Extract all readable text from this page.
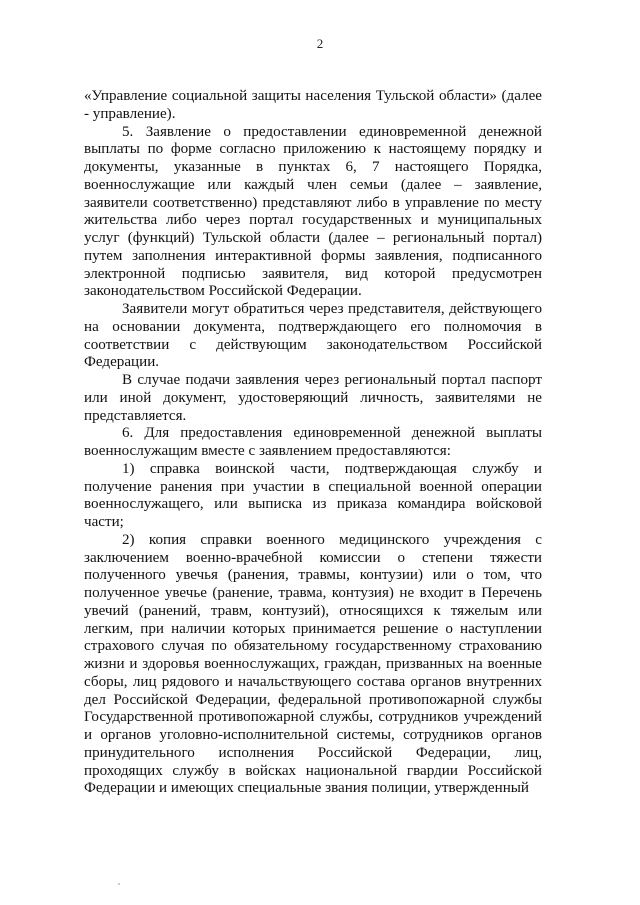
2

«Управление социальной защиты населения Тульской области» (далее - управление).

5. Заявление о предоставлении единовременной денежной выплаты по форме согласно приложению к настоящему порядку и документы, указанные в пунктах 6, 7 настоящего Порядка, военнослужащие или каждый член семьи (далее – заявление, заявители соответственно) представляют либо в управление по месту жительства либо через портал государственных и муниципальных услуг (функций) Тульской области (далее – региональный портал) путем заполнения интерактивной формы заявления, подписанного электронной подписью заявителя, вид которой предусмотрен законодательством Российской Федерации.

Заявители могут обратиться через представителя, действующего на основании документа, подтверждающего его полномочия в соответствии с действующим законодательством Российской Федерации.

В случае подачи заявления через региональный портал паспорт или иной документ, удостоверяющий личность, заявителями не представляется.

6. Для предоставления единовременной денежной выплаты военнослужащим вместе с заявлением предоставляются:

1) справка воинской части, подтверждающая службу и получение ранения при участии в специальной военной операции военнослужащего, или выписка из приказа командира войсковой части;

2) копия справки военного медицинского учреждения с заключением военно-врачебной комиссии о степени тяжести полученного увечья (ранения, травмы, контузии) или о том, что полученное увечье (ранение, травма, контузия) не входит в Перечень увечий (ранений, травм, контузий), относящихся к тяжелым или легким, при наличии которых принимается решение о наступлении страхового случая по обязательному государственному страхованию жизни и здоровья военнослужащих, граждан, призванных на военные сборы, лиц рядового и начальствующего состава органов внутренних дел Российской Федерации, федеральной противопожарной службы Государственной противопожарной службы, сотрудников учреждений и органов уголовно-исполнительной системы, сотрудников органов принудительного исполнения Российской Федерации, лиц, проходящих службу в войсках национальной гвардии Российской Федерации и имеющих специальные звания полиции, утвержденный
